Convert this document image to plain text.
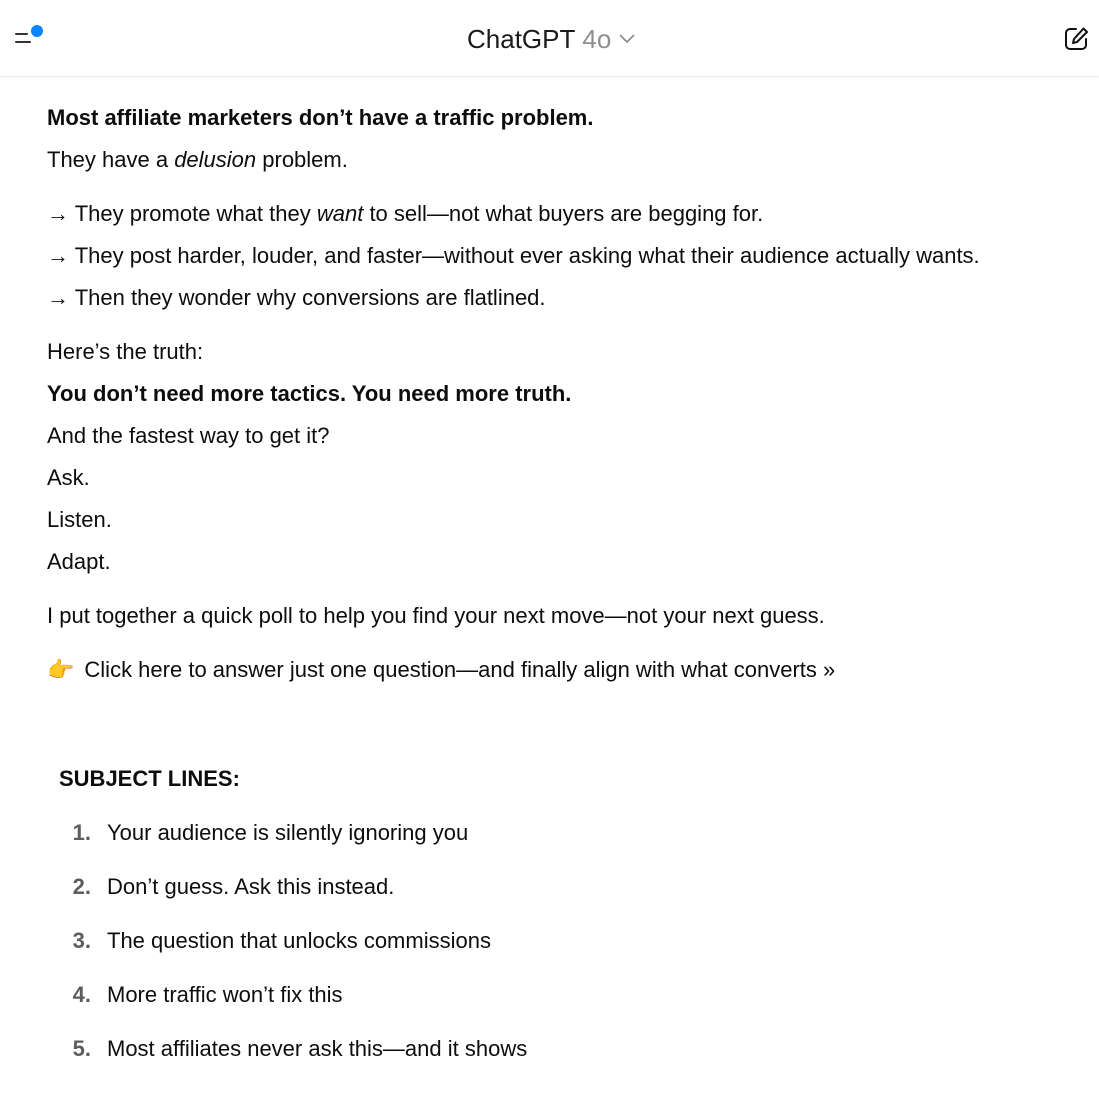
ChatGPT 4o

Most affiliate marketers don’t have a traffic problem.

They have a delusion problem.

→ They promote what they want to sell—not what buyers are begging for.

→ They post harder, louder, and faster—without ever asking what their audience actually wants.

→ Then they wonder why conversions are flatlined.

Here’s the truth:

You don’t need more tactics. You need more truth.

And the fastest way to get it?

Ask.

Listen.

Adapt.

I put together a quick poll to help you find your next move—not your next guess.

👉 Click here to answer just one question—and finally align with what converts »

SUBJECT LINES:
1. Your audience is silently ignoring you
2. Don’t guess. Ask this instead.
3. The question that unlocks commissions
4. More traffic won’t fix this
5. Most affiliates never ask this—and it shows
